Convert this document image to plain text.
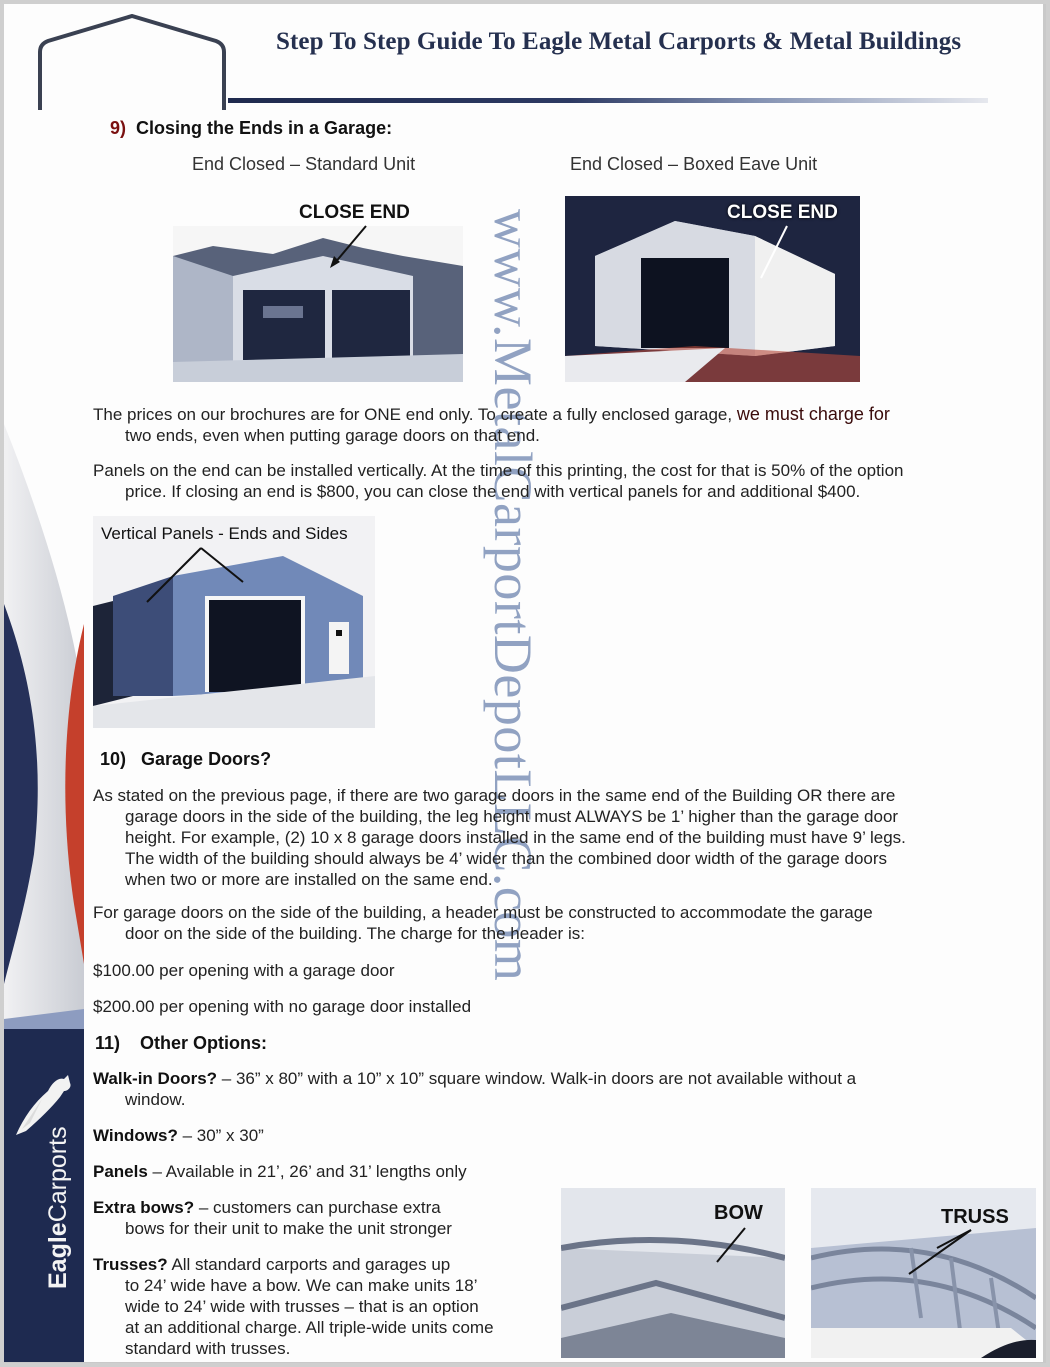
EagleCarports
Step To Step Guide To Eagle Metal Carports & Metal Buildings
www.MetalCarportDepotLLC.com
9) Closing the Ends in a Garage:
End Closed – Standard Unit	End Closed – Boxed Eave Unit
CLOSE END	CLOSE END
The prices on our brochures are for ONE end only. To create a fully enclosed garage, we must charge for
two ends, even when putting garage doors on that end.
Panels on the end can be installed vertically. At the time of this printing, the cost for that is 50% of the option
price. If closing an end is $800, you can close the end with vertical panels for and additional $400.
Vertical Panels - Ends and Sides
10) Garage Doors?
As stated on the previous page, if there are two garage doors in the same end of the Building OR there are
garage doors in the side of the building, the leg height must ALWAYS be 1’ higher than the garage door
height. For example, (2) 10 x 8 garage doors installed in the same end of the building must have 9’ legs.
The width of the building should always be 4’ wider than the combined door width of the garage doors
when two or more are installed on the same end.
For garage doors on the side of the building, a header must be constructed to accommodate the garage
door on the side of the building. The charge for the header is:
$100.00 per opening with a garage door
$200.00 per opening with no garage door installed
11) Other Options:
Walk-in Doors? – 36” x 80” with a 10” x 10” square window. Walk-in doors are not available without a
window.
Windows? – 30” x 30”
Panels – Available in 21’, 26’ and 31’ lengths only
Extra bows? – customers can purchase extra
bows for their unit to make the unit stronger
Trusses? All standard carports and garages up
to 24’ wide have a bow. We can make units 18’
wide to 24’ wide with trusses – that is an option
at an additional charge. All triple-wide units come
standard with trusses.
BOW	TRUSS
